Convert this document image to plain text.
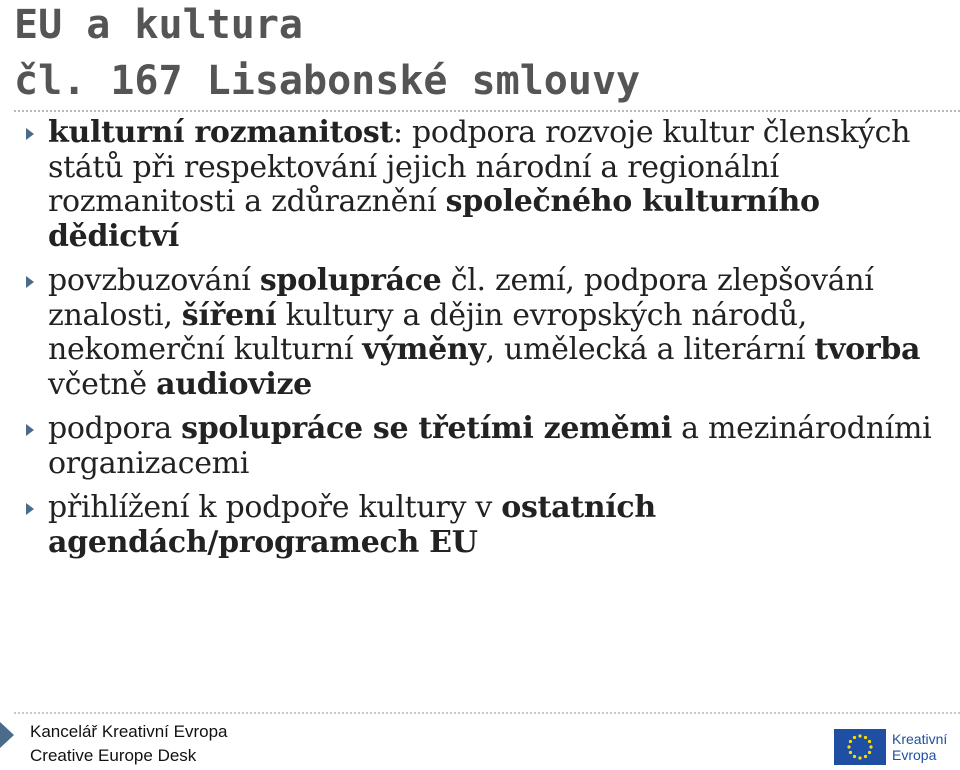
EU a kultura
čl. 167 Lisabonské smlouvy
kulturní rozmanitost: podpora rozvoje kultur členských států při respektování jejich národní a regionální rozmanitosti a zdůraznění společného kulturního dědictví
povzbuzování spolupráce čl. zemí, podpora zlepšování znalosti, šíření kultury a dějin evropských národů, nekomerční kulturní výměny, umělecká a literární tvorba včetně audiovize
podpora spolupráce se třetími zeměmi a mezinárodními organizacemi
přihlížení k podpoře kultury v ostatních agendách/programech EU
Kancelář Kreativní Evropa
Creative Europe Desk
Kreativní
Evropa
